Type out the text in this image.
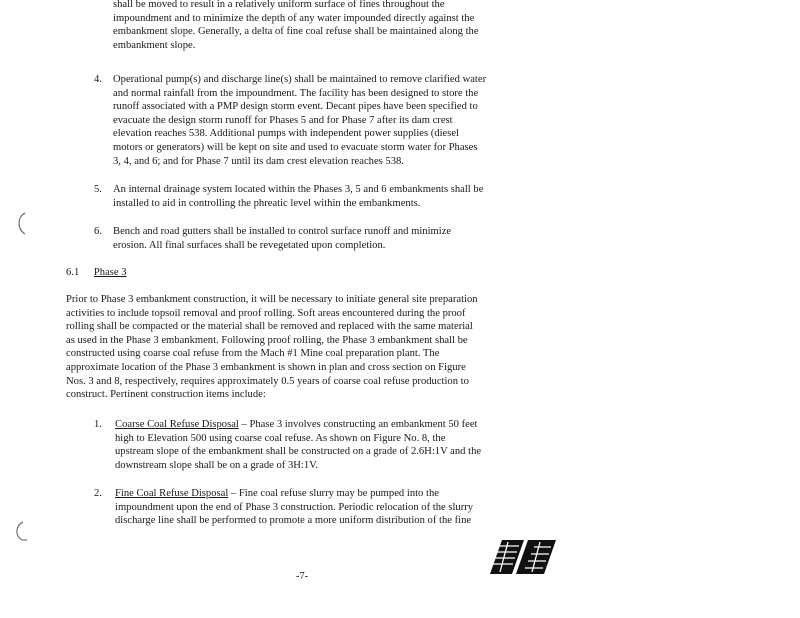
shall be moved to result in a relatively uniform surface of fines throughout the
impoundment and to minimize the depth of any water impounded directly against the
embankment slope. Generally, a delta of fine coal refuse shall be maintained along the
embankment slope.
4. Operational pump(s) and discharge line(s) shall be maintained to remove clarified water
and normal rainfall from the impoundment. The facility has been designed to store the
runoff associated with a PMP design storm event. Decant pipes have been specified to
evacuate the design storm runoff for Phases 5 and for Phase 7 after its dam crest
elevation reaches 538. Additional pumps with independent power supplies (diesel
motors or generators) will be kept on site and used to evacuate storm water for Phases
3, 4, and 6; and for Phase 7 until its dam crest elevation reaches 538.
5. An internal drainage system located within the Phases 3, 5 and 6 embankments shall be
installed to aid in controlling the phreatic level within the embankments.
6. Bench and road gutters shall be installed to control surface runoff and minimize
erosion. All final surfaces shall be revegetated upon completion.
6.1 Phase 3
Prior to Phase 3 embankment construction, it will be necessary to initiate general site preparation
activities to include topsoil removal and proof rolling. Soft areas encountered during the proof
rolling shall be compacted or the material shall be removed and replaced with the same material
as used in the Phase 3 embankment. Following proof rolling, the Phase 3 embankment shall be
constructed using coarse coal refuse from the Mach #1 Mine coal preparation plant. The
approximate location of the Phase 3 embankment is shown in plan and cross section on Figure
Nos. 3 and 8, respectively, requires approximately 0.5 years of coarse coal refuse production to
construct. Pertinent construction items include:
1. Coarse Coal Refuse Disposal – Phase 3 involves constructing an embankment 50 feet
high to Elevation 500 using coarse coal refuse. As shown on Figure No. 8, the
upstream slope of the embankment shall be constructed on a grade of 2.6H:1V and the
downstream slope shall be on a grade of 3H:1V.
2. Fine Coal Refuse Disposal – Fine coal refuse slurry may be pumped into the
impoundment upon the end of Phase 3 construction. Periodic relocation of the slurry
discharge line shall be performed to promote a more uniform distribution of the fine
-7-
